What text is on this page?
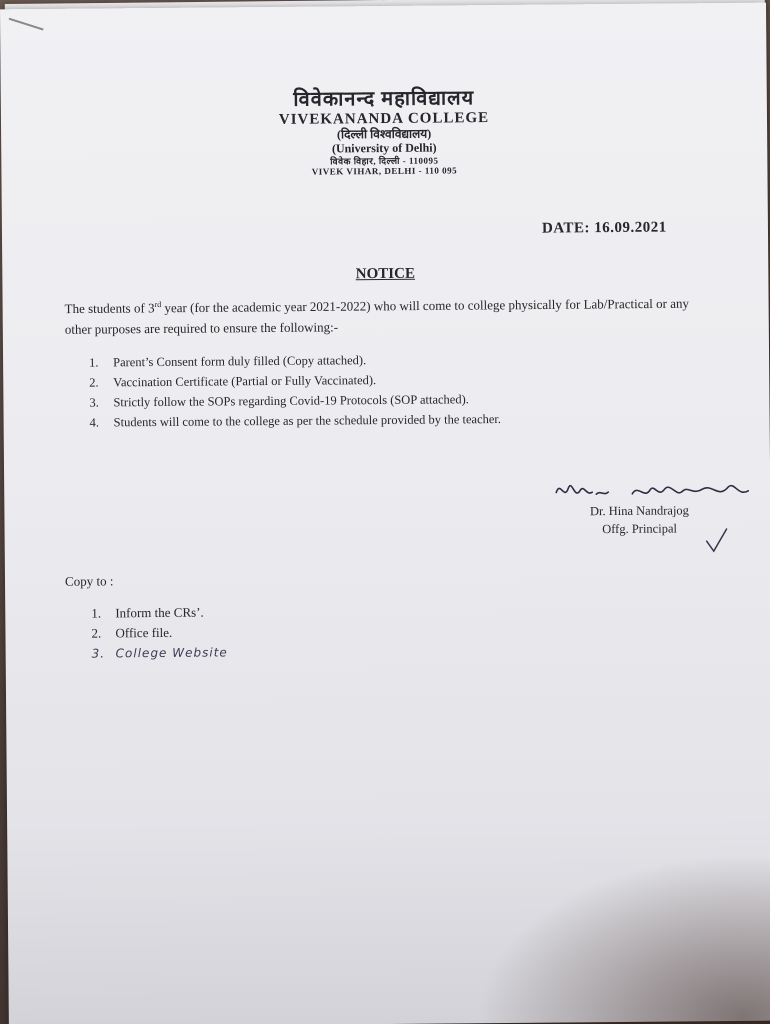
विवेकानन्द महाविद्यालय
VIVEKANANDA COLLEGE
(दिल्ली विश्वविद्यालय)
(University of Delhi)
विवेक विहार, दिल्ली - 110095
VIVEK VIHAR, DELHI - 110 095
DATE: 16.09.2021
NOTICE
The students of 3rd year (for the academic year 2021-2022) who will come to college physically for Lab/Practical or any other purposes are required to ensure the following:-
1. Parent’s Consent form duly filled (Copy attached).
2. Vaccination Certificate (Partial or Fully Vaccinated).
3. Strictly follow the SOPs regarding Covid-19 Protocols (SOP attached).
4. Students will come to the college as per the schedule provided by the teacher.
Dr. Hina Nandrajog
Offg. Principal
Copy to :
1. Inform the CRs’.
2. Office file.
3. College Website
